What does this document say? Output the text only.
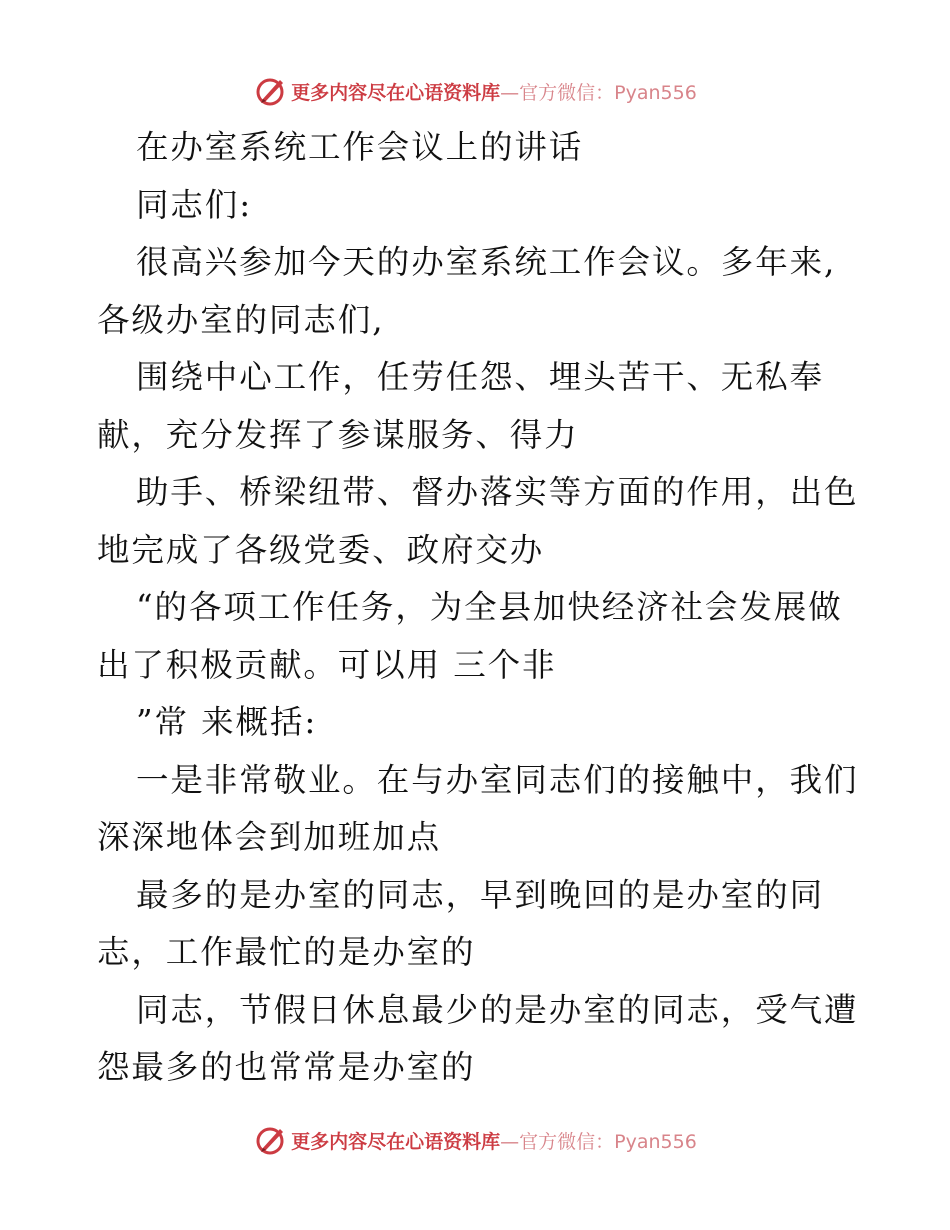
更多内容尽在心语资料库—官方微信：Pyan556
在办室系统工作会议上的讲话
同志们:
很高兴参加今天的办室系统工作会议。多年来,
各级办室的同志们,
围绕中心工作，任劳任怨、埋头苦干、无私奉
献，充分发挥了参谋服务、得力
助手、桥梁纽带、督办落实等方面的作用，出色
地完成了各级党委、政府交办
“的各项工作任务，为全县加快经济社会发展做
出了积极贡献。可以用 三个非
”常 来概括:
一是非常敬业。在与办室同志们的接触中，我们
深深地体会到加班加点
最多的是办室的同志，早到晚回的是办室的同
志，工作最忙的是办室的
同志，节假日休息最少的是办室的同志，受气遭
怨最多的也常常是办室的
更多内容尽在心语资料库—官方微信：Pyan556
